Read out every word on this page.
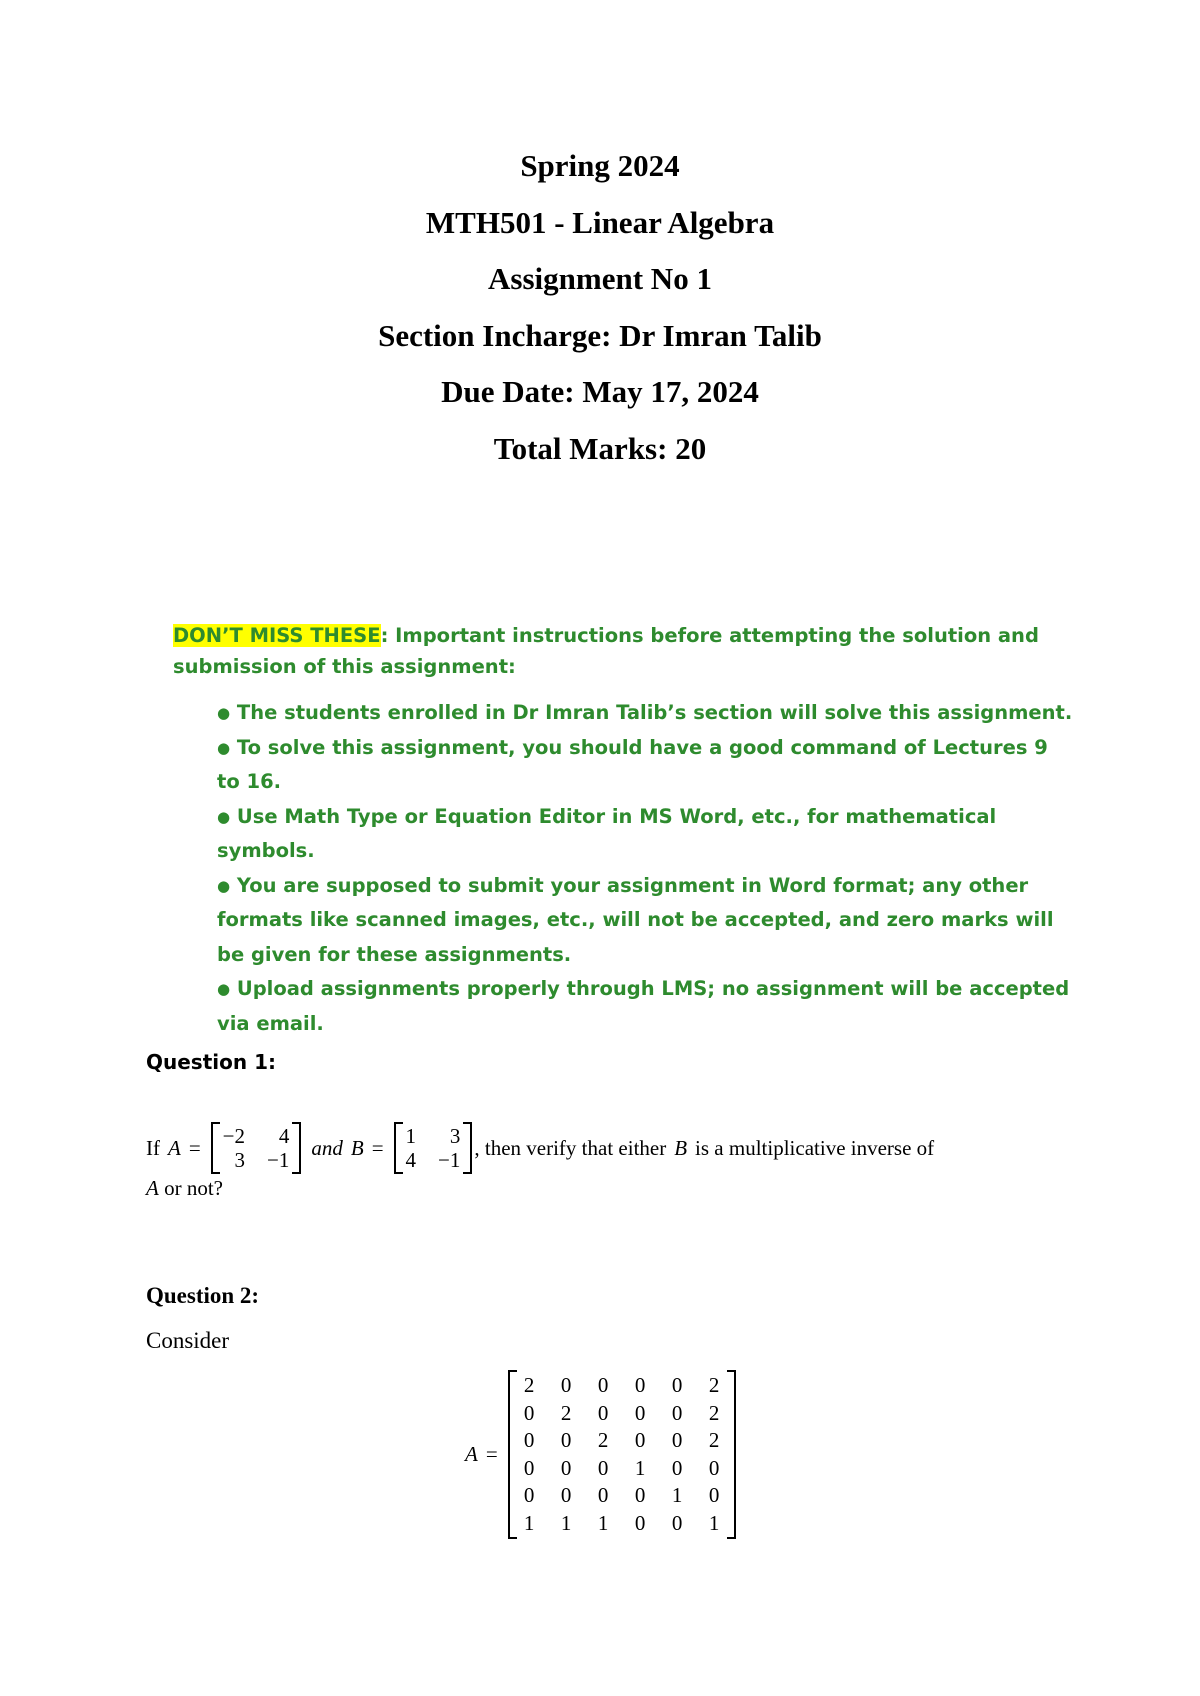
Spring 2024

MTH501 - Linear Algebra

Assignment No 1

Section Incharge: Dr Imran Talib

Due Date: May 17, 2024

Total Marks: 20

DON’T MISS THESE: Important instructions before attempting the solution and submission of this assignment:

● The students enrolled in Dr Imran Talib’s section will solve this assignment.
● To solve this assignment, you should have a good command of Lectures 9 to 16.
● Use Math Type or Equation Editor in MS Word, etc., for mathematical symbols.
● You are supposed to submit your assignment in Word format; any other formats like scanned images, etc., will not be accepted, and zero marks will be given for these assignments.
● Upload assignments properly through LMS; no assignment will be accepted via email.
Question 1:
If A = −2	4
3 −1
and B = 1	3
4 −1
, then verify that either B is a multiplicative inverse of
A or not?
Question 2:
Consider
A =
2 0 0 0 0 2
0 2 0 0 0 2
0 0 2 0 0 2
0 0 0 1 0 0
0 0 0 0 1 0
1 1 1 0 0 1
